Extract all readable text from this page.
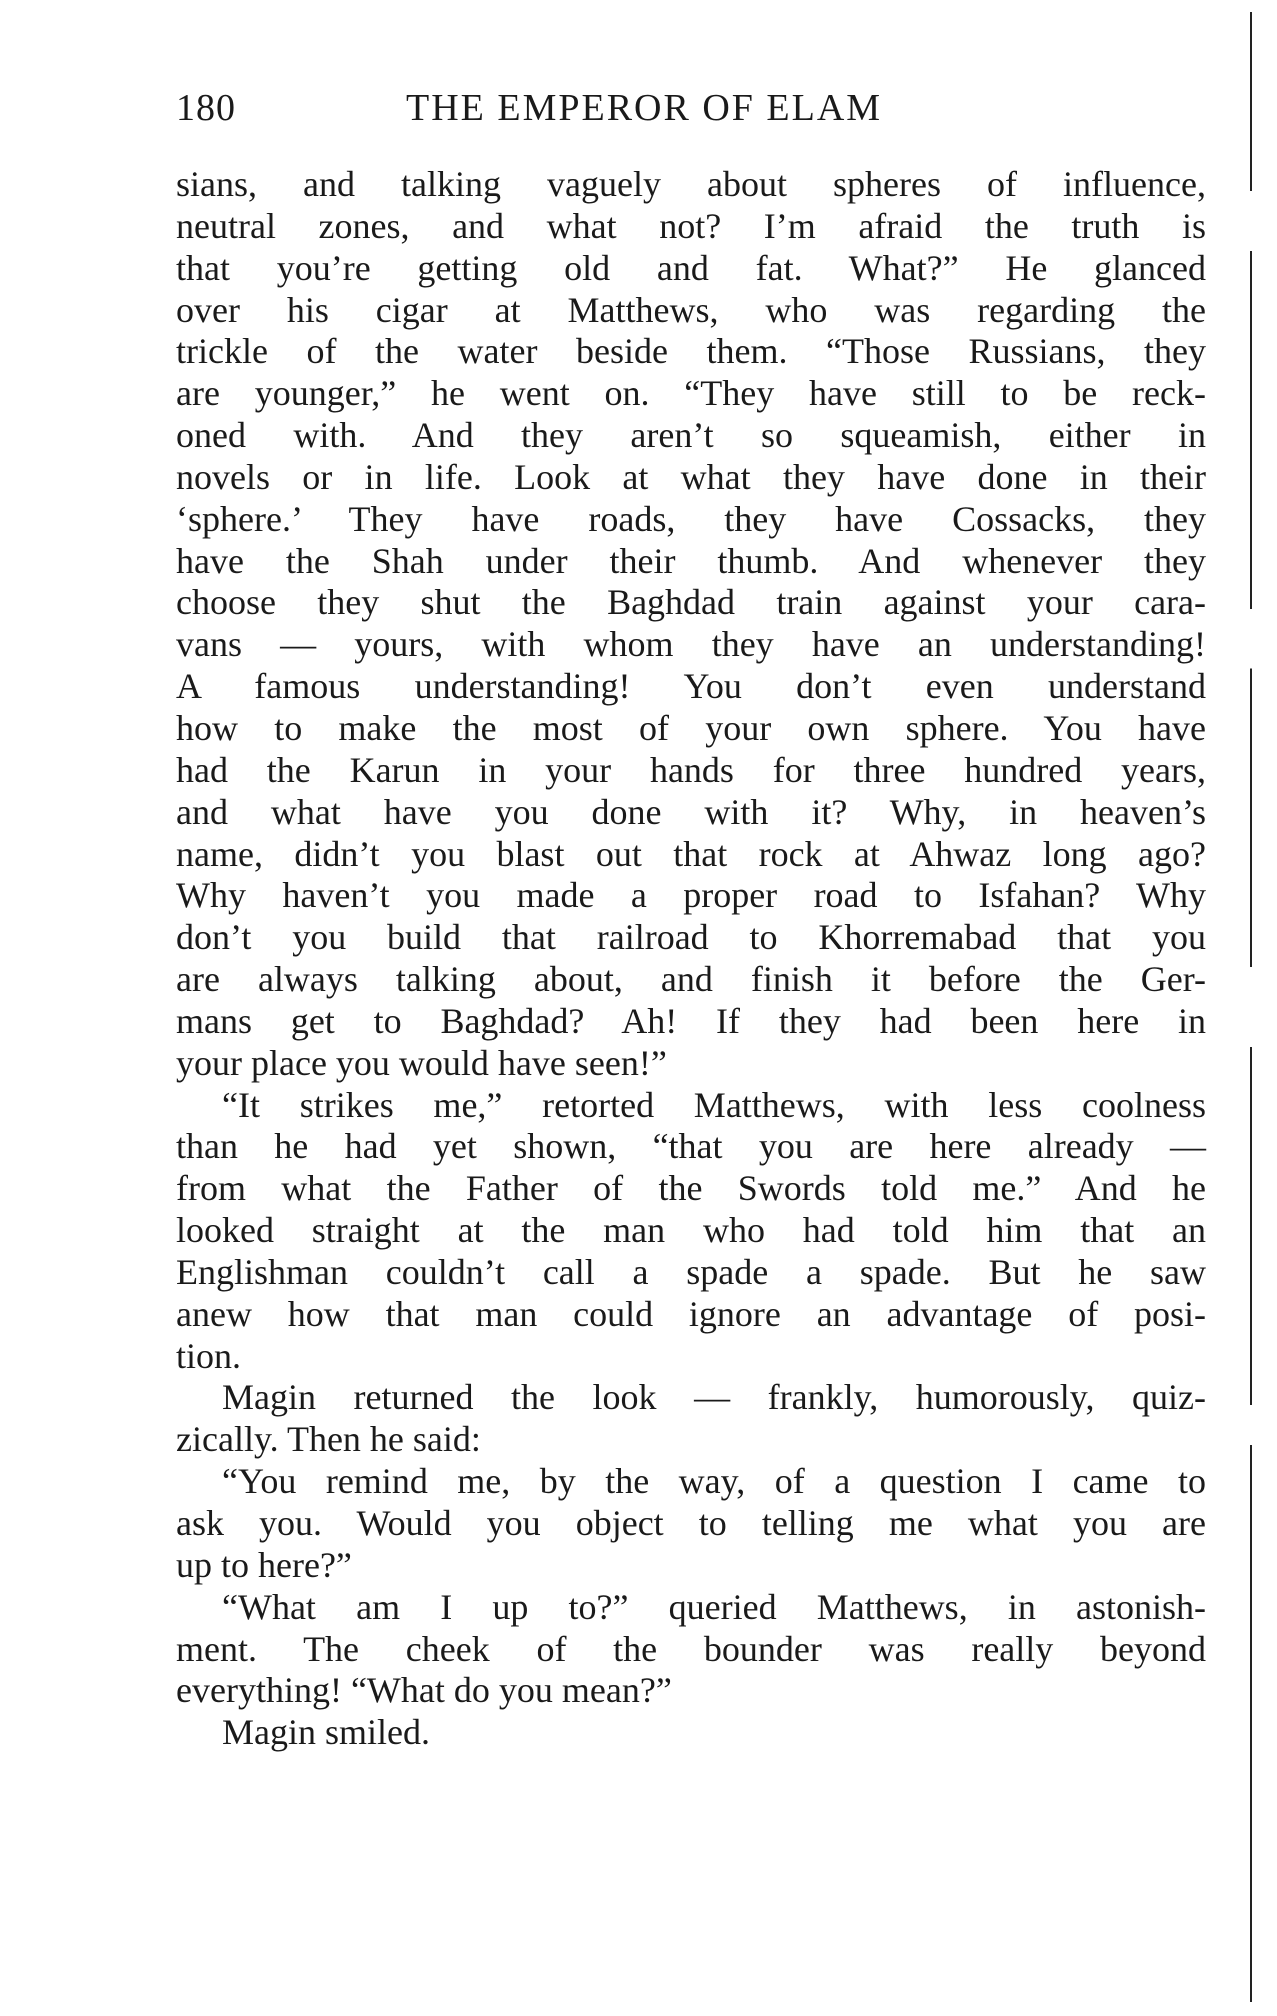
180	THE EMPEROR OF ELAM
sians, and talking vaguely about spheres of influence,
neutral zones, and what not? I’m afraid the truth is
that you’re getting old and fat. What?” He glanced
over his cigar at Matthews, who was regarding the
trickle of the water beside them. “Those Russians, they
are younger,” he went on. “They have still to be reck-
oned with. And they aren’t so squeamish, either in
novels or in life. Look at what they have done in their
‘sphere.’ They have roads, they have Cossacks, they
have the Shah under their thumb. And whenever they
choose they shut the Baghdad train against your cara-
vans — yours, with whom they have an understanding!
A famous understanding! You don’t even understand
how to make the most of your own sphere. You have
had the Karun in your hands for three hundred years,
and what have you done with it? Why, in heaven’s
name, didn’t you blast out that rock at Ahwaz long ago?
Why haven’t you made a proper road to Isfahan? Why
don’t you build that railroad to Khorremabad that you
are always talking about, and finish it before the Ger-
mans get to Baghdad? Ah! If they had been here in
your place you would have seen!”
“It strikes me,” retorted Matthews, with less coolness
than he had yet shown, “that you are here already —
from what the Father of the Swords told me.” And he
looked straight at the man who had told him that an
Englishman couldn’t call a spade a spade. But he saw
anew how that man could ignore an advantage of posi-
tion.
Magin returned the look — frankly, humorously, quiz-
zically. Then he said:
“You remind me, by the way, of a question I came to
ask you. Would you object to telling me what you are
up to here?”
“What am I up to?” queried Matthews, in astonish-
ment. The cheek of the bounder was really beyond
everything! “What do you mean?”
Magin smiled.
